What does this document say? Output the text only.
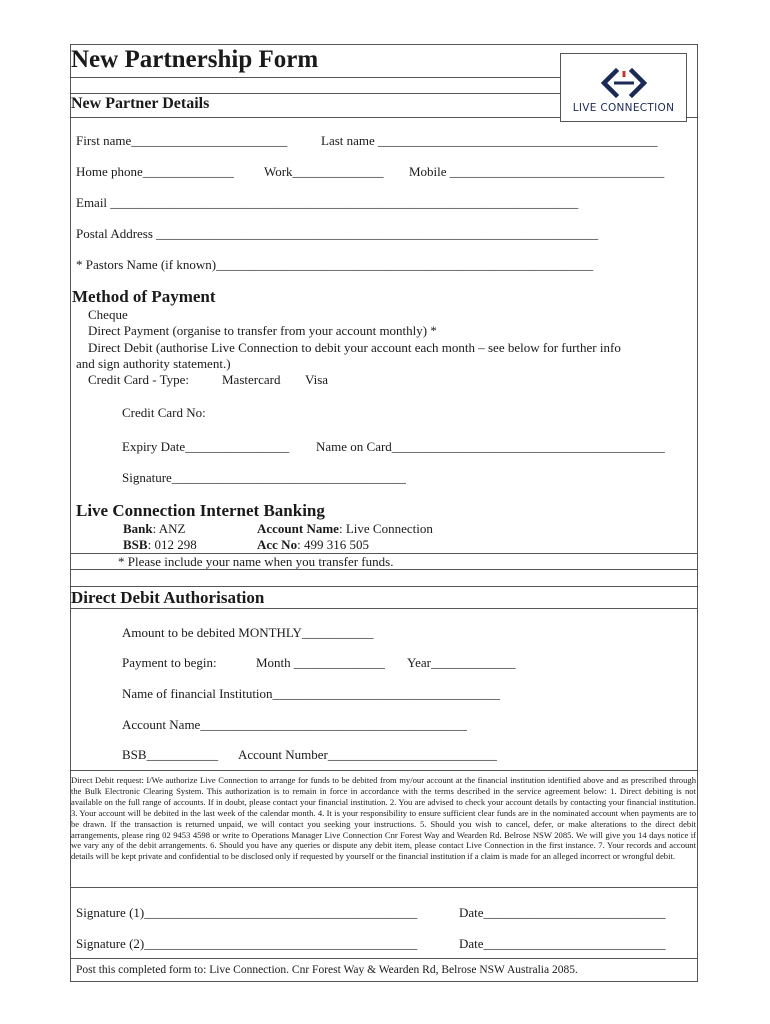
New Partnership Form
New Partner Details	LIVE CONNECTION
First name________________________	Last name ___________________________________________
Home phone______________ Work______________ Mobile _________________________________
Email ________________________________________________________________________
Postal Address ____________________________________________________________________
* Pastors Name (if known)__________________________________________________________
Method of Payment
Cheque
Direct Payment (organise to transfer from your account monthly) *
Direct Debit (authorise Live Connection to debit your account each month – see below for further info
and sign authority statement.)
Credit Card - Type:	Mastercard Visa
Credit Card No:
Expiry Date________________ Name on Card__________________________________________
Signature____________________________________
Live Connection Internet Banking
Bank: ANZ	Account Name: Live Connection
BSB: 012 298	Acc No: 499 316 505
* Please include your name when you transfer funds.
Direct Debit Authorisation
Amount to be debited MONTHLY___________
Payment to begin:	Month ______________ Year_____________
Name of financial Institution___________________________________
Account Name_________________________________________
BSB___________ Account Number__________________________
Direct Debit request: I/We authorize Live Connection to arrange for funds to be debited from my/our account at the financial institution identified above and as prescribed through the Bulk Electronic Clearing System. This authorization is to remain in force in accordance with the terms described in the service agreement below: 1. Direct debiting is not available on the full range of accounts. If in doubt, please contact your financial institution. 2. You are advised to check your account details by contacting your financial institution. 3. Your account will be debited in the last week of the calendar month. 4. It is your responsibility to ensure sufficient clear funds are in the nominated account when payments are to be drawn. If the transaction is returned unpaid, we will contact you seeking your instructions. 5. Should you wish to cancel, defer, or make alterations to the direct debit arrangements, please ring 02 9453 4598 or write to Operations Manager Live Connection Cnr Forest Way and Wearden Rd. Belrose NSW 2085. We will give you 14 days notice if we vary any of the debit arrangements. 6. Should you have any queries or dispute any debit item, please contact Live Connection in the first instance. 7. Your records and account details will be kept private and confidential to be disclosed only if requested by yourself or the financial institution if a claim is made for an alleged incorrect or wrongful debit.
Signature (1)__________________________________________	Date____________________________
Signature (2)__________________________________________	Date____________________________
Post this completed form to: Live Connection. Cnr Forest Way & Wearden Rd, Belrose NSW Australia 2085.
